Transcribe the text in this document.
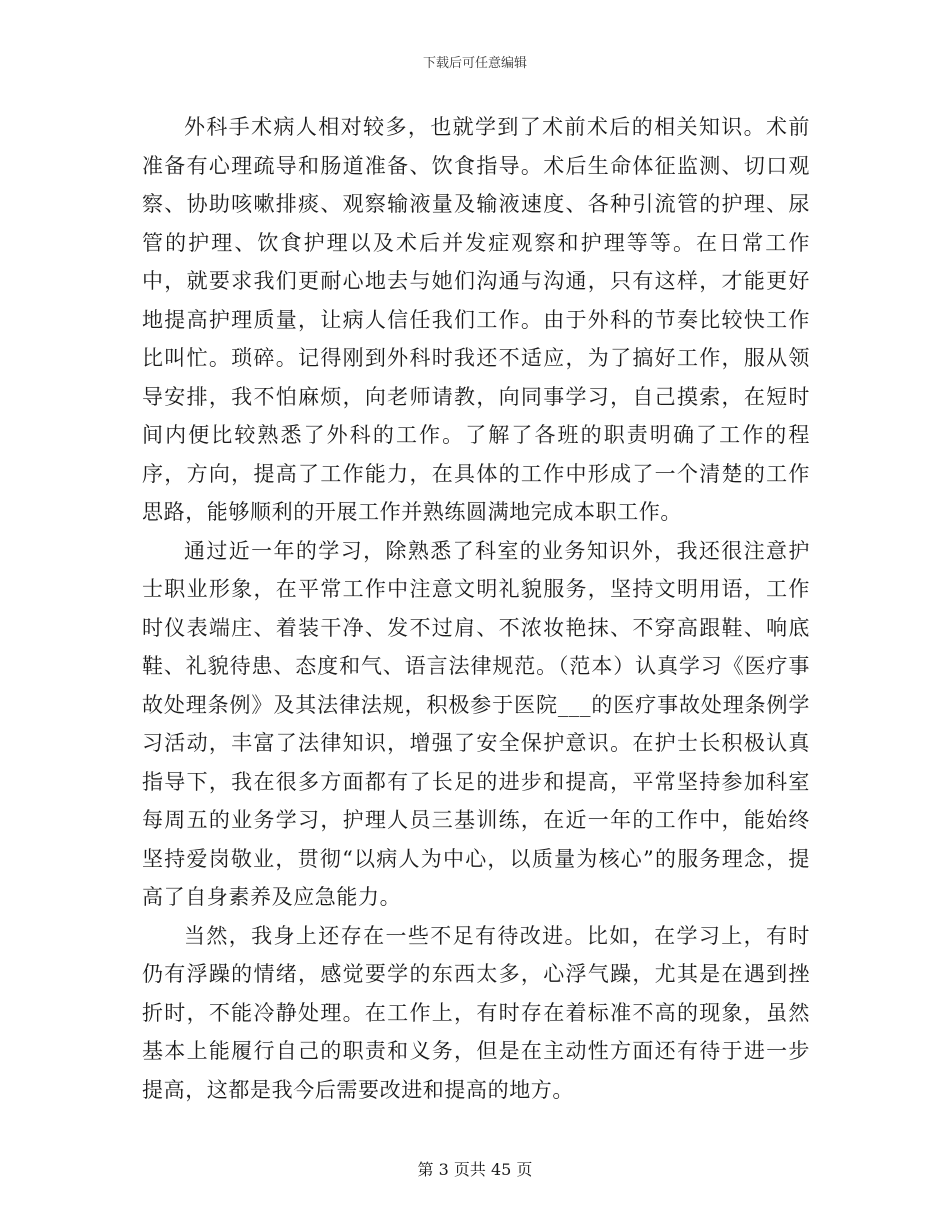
下载后可任意编辑

外科手术病人相对较多，也就学到了术前术后的相关知识。术前准备有心理疏导和肠道准备、饮食指导。术后生命体征监测、切口观察、协助咳嗽排痰、观察输液量及输液速度、各种引流管的护理、尿管的护理、饮食护理以及术后并发症观察和护理等等。在日常工作中，就要求我们更耐心地去与她们沟通与沟通，只有这样，才能更好地提高护理质量，让病人信任我们工作。由于外科的节奏比较快工作比叫忙。琐碎。记得刚到外科时我还不适应，为了搞好工作，服从领导安排，我不怕麻烦，向老师请教，向同事学习，自己摸索，在短时间内便比较熟悉了外科的工作。了解了各班的职责明确了工作的程序，方向，提高了工作能力，在具体的工作中形成了一个清楚的工作思路，能够顺利的开展工作并熟练圆满地完成本职工作。

通过近一年的学习，除熟悉了科室的业务知识外，我还很注意护士职业形象，在平常工作中注意文明礼貌服务，坚持文明用语，工作时仪表端庄、着装干净、发不过肩、不浓妆艳抹、不穿高跟鞋、响底鞋、礼貌待患、态度和气、语言法律规范。（范本）认真学习《医疗事故处理条例》及其法律法规，积极参于医院___的医疗事故处理条例学习活动，丰富了法律知识，增强了安全保护意识。在护士长积极认真指导下，我在很多方面都有了长足的进步和提高，平常坚持参加科室每周五的业务学习，护理人员三基训练，在近一年的工作中，能始终坚持爱岗敬业，贯彻“以病人为中心，以质量为核心”的服务理念，提高了自身素养及应急能力。

当然，我身上还存在一些不足有待改进。比如，在学习上，有时仍有浮躁的情绪，感觉要学的东西太多，心浮气躁，尤其是在遇到挫折时，不能冷静处理。在工作上，有时存在着标准不高的现象，虽然基本上能履行自己的职责和义务，但是在主动性方面还有待于进一步提高，这都是我今后需要改进和提高的地方。

第 3 页共 45 页
